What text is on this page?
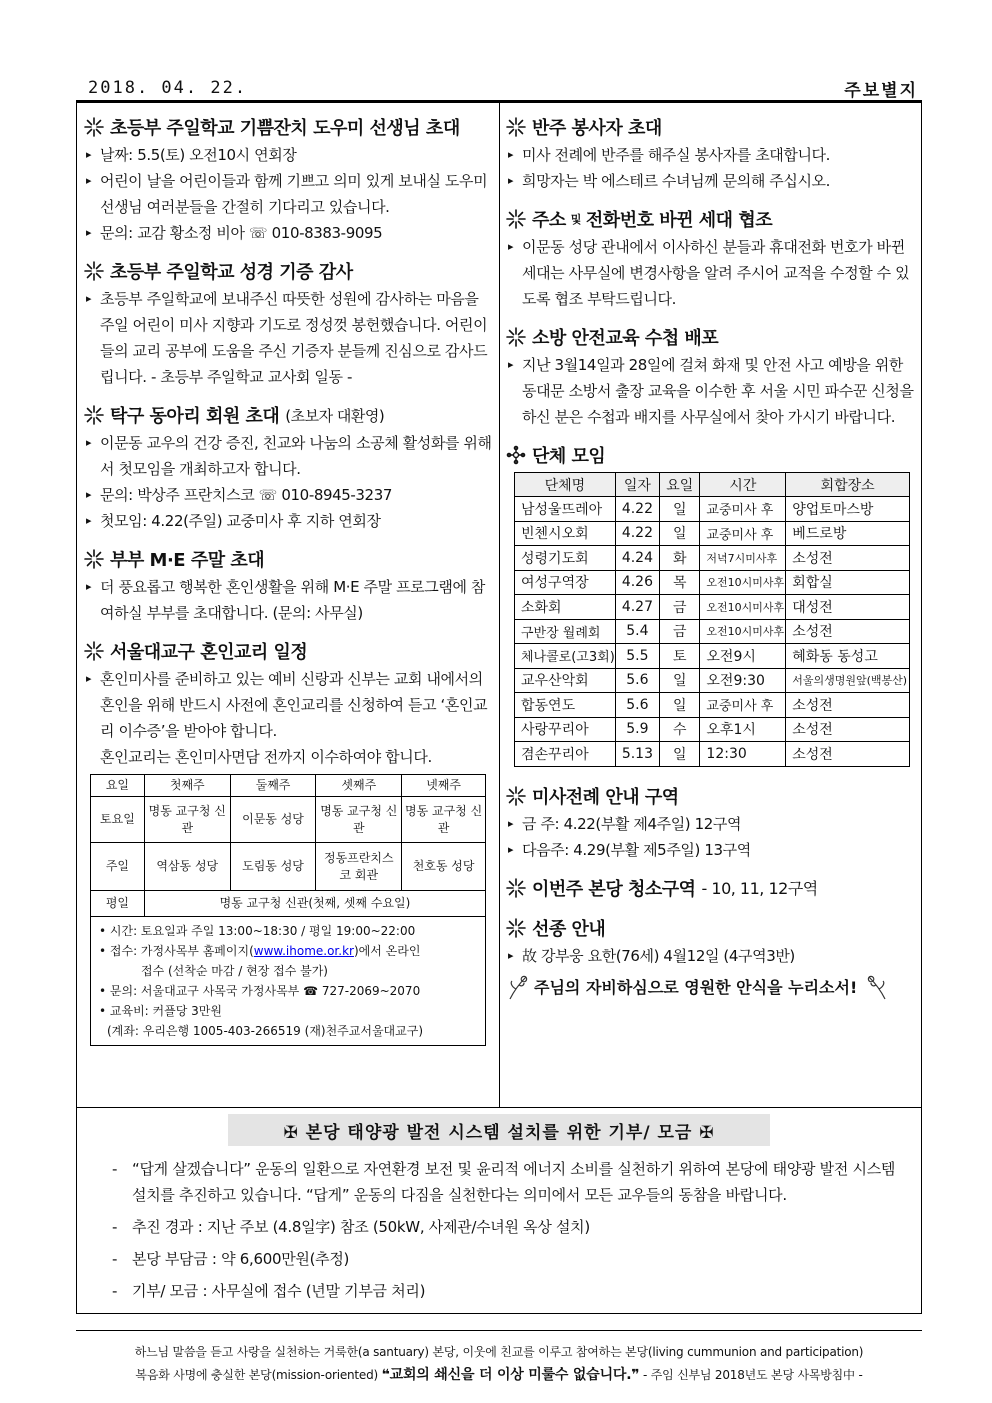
2018. 04. 22.	주보별지
초등부 주일학교 기쁨잔치 도우미 선생님 초대
▸ 날짜: 5.5(토) 오전10시 연회장
▸ 어린이 날을 어린이들과 함께 기쁘고 의미 있게 보내실 도우미 선생님 여러분들을 간절히 기다리고 있습니다.
▸ 문의: 교감 황소정 비아 ☏ 010-8383-9095
초등부 주일학교 성경 기증 감사
▸ 초등부 주일학교에 보내주신 따뜻한 성원에 감사하는 마음을 주일 어린이 미사 지향과 기도로 정성껏 봉헌했습니다. 어린이들의 교리 공부에 도움을 주신 기증자 분들께 진심으로 감사드립니다. - 초등부 주일학교 교사회 일동 -
탁구 동아리 회원 초대 (초보자 대환영)
▸ 이문동 교우의 건강 증진, 친교와 나눔의 소공체 활성화를 위해서 첫모임을 개최하고자 합니다.
▸ 문의: 박상주 프란치스코 ☏ 010-8945-3237
▸ 첫모임: 4.22(주일) 교중미사 후 지하 연회장
부부 M·E 주말 초대
▸ 더 풍요롭고 행복한 혼인생활을 위해 M·E 주말 프로그램에 참여하실 부부를 초대합니다. (문의: 사무실)
서울대교구 혼인교리 일정
▸ 혼인미사를 준비하고 있는 예비 신랑과 신부는 교회 내에서의 혼인을 위해 반드시 사전에 혼인교리를 신청하여 듣고 ‘혼인교리 이수증’을 받아야 합니다.
혼인교리는 혼인미사면담 전까지 이수하여야 합니다.
요일	첫째주	둘째주	셋째주	넷째주
토요일	명동 교구청 신관	이문동 성당	명동 교구청 신관	명동 교구청 신관
주일	역삼동 성당	도림동 성당	정동프란치스코 회관	천호동 성당
평일	명동 교구청 신관(첫째, 셋째 수요일)			
• 시간: 토요일과 주일 13:00~18:30 / 평일 19:00~22:00
• 접수: 가정사목부 홈페이지(www.ihome.or.kr)에서 온라인
접수 (선착순 마감 / 현장 접수 불가)
• 문의: 서울대교구 사목국 가정사목부 ☎ 727-2069~2070
• 교육비: 커플당 3만원
(계좌: 우리은행 1005-403-266519 (재)천주교서울대교구)
반주 봉사자 초대
▸ 미사 전례에 반주를 해주실 봉사자를 초대합니다.
▸ 희망자는 박 에스테르 수녀님께 문의해 주십시오.
주소 및 전화번호 바뀐 세대 협조
▸ 이문동 성당 관내에서 이사하신 분들과 휴대전화 번호가 바뀐 세대는 사무실에 변경사항을 알려 주시어 교적을 수정할 수 있도록 협조 부탁드립니다.
소방 안전교육 수첩 배포
▸ 지난 3월14일과 28일에 걸쳐 화재 및 안전 사고 예방을 위한 동대문 소방서 출장 교육을 이수한 후 서울 시민 파수꾼 신청을 하신 분은 수첩과 배지를 사무실에서 찾아 가시기 바랍니다.
단체 모임
단체명	일자	요일	시간	회합장소
남성울뜨레아	4.22	일	교중미사 후	양업토마스방
빈첸시오회	4.22	일	교중미사 후	베드로방
성령기도회	4.24	화	저녁7시미사후	소성전
여성구역장	4.26	목	오전10시미사후	회합실
소화회	4.27	금	오전10시미사후	대성전
구반장 월례회	5.4	금	오전10시미사후	소성전
체나콜로(고3회)	5.5	토	오전9시	혜화동 동성고
교우산악회	5.6	일	오전9:30	서울의생명원앞(백봉산)
합동연도	5.6	일	교중미사 후	소성전
사랑꾸리아	5.9	수	오후1시	소성전
겸손꾸리아	5.13	일	12:30	소성전
미사전례 안내 구역
▸ 금 주: 4.22(부활 제4주일) 12구역
▸ 다음주: 4.29(부활 제5주일) 13구역
이번주 본당 청소구역 - 10, 11, 12구역
선종 안내
▸ 故 강부웅 요한(76세) 4월12일 (4구역3반)
주님의 자비하심으로 영원한 안식을 누리소서!
✠ 본당 태양광 발전 시스템 설치를 위한 기부/ 모금 ✠
- “답게 살겠습니다” 운동의 일환으로 자연환경 보전 및 윤리적 에너지 소비를 실천하기 위하여 본당에 태양광 발전 시스템 설치를 추진하고 있습니다. “답게” 운동의 다짐을 실천한다는 의미에서 모든 교우들의 동참을 바랍니다.
- 추진 경과 : 지난 주보 (4.8일字) 참조 (50kW, 사제관/수녀원 옥상 설치)
- 본당 부담금 : 약 6,600만원(추정)
- 기부/ 모금 : 사무실에 접수 (년말 기부금 처리)
하느님 말씀을 듣고 사랑을 실천하는 거룩한(a santuary) 본당, 이웃에 친교를 이루고 참여하는 본당(living cummunion and participation)
복음화 사명에 충실한 본당(mission-oriented) ❝교회의 쇄신을 더 이상 미룰수 없습니다.❞ - 주임 신부님 2018년도 본당 사목방침中 -
